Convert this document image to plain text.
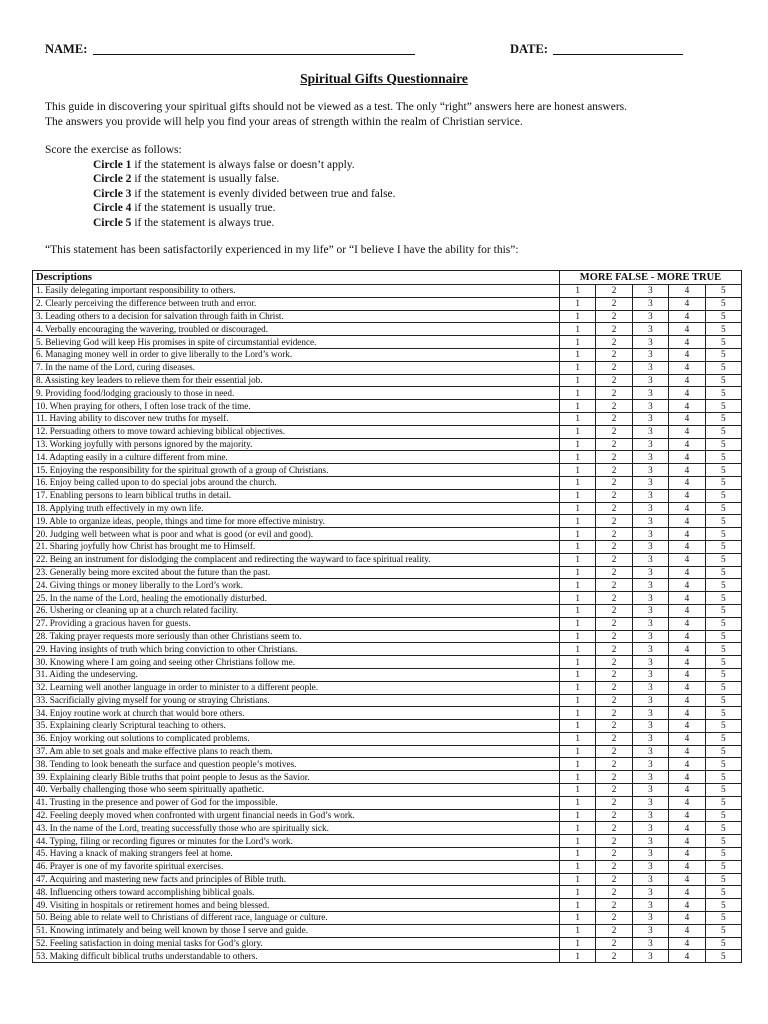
NAME:	DATE:
Spiritual Gifts Questionnaire
This guide in discovering your spiritual gifts should not be viewed as a test. The only “right” answers here are honest answers.
The answers you provide will help you find your areas of strength within the realm of Christian service.
Score the exercise as follows:
Circle 1 if the statement is always false or doesn’t apply.
Circle 2 if the statement is usually false.
Circle 3 if the statement is evenly divided between true and false.
Circle 4 if the statement is usually true.
Circle 5 if the statement is always true.
“This statement has been satisfactorily experienced in my life” or “I believe I have the ability for this”:
Descriptions	MORE FALSE - MORE TRUE				
1. Easily delegating important responsibility to others.	1	2	3	4	5
2. Clearly perceiving the difference between truth and error.	1	2	3	4	5
3. Leading others to a decision for salvation through faith in Christ.	1	2	3	4	5
4. Verbally encouraging the wavering, troubled or discouraged.	1	2	3	4	5
5. Believing God will keep His promises in spite of circumstantial evidence.	1	2	3	4	5
6. Managing money well in order to give liberally to the Lord’s work.	1	2	3	4	5
7. In the name of the Lord, curing diseases.	1	2	3	4	5
8. Assisting key leaders to relieve them for their essential job.	1	2	3	4	5
9. Providing food/lodging graciously to those in need.	1	2	3	4	5
10. When praying for others, I often lose track of the time.	1	2	3	4	5
11. Having ability to discover new truths for myself.	1	2	3	4	5
12. Persuading others to move toward achieving biblical objectives.	1	2	3	4	5
13. Working joyfully with persons ignored by the majority.	1	2	3	4	5
14. Adapting easily in a culture different from mine.	1	2	3	4	5
15. Enjoying the responsibility for the spiritual growth of a group of Christians.	1	2	3	4	5
16. Enjoy being called upon to do special jobs around the church.	1	2	3	4	5
17. Enabling persons to learn biblical truths in detail.	1	2	3	4	5
18. Applying truth effectively in my own life.	1	2	3	4	5
19. Able to organize ideas, people, things and time for more effective ministry.	1	2	3	4	5
20. Judging well between what is poor and what is good (or evil and good).	1	2	3	4	5
21. Sharing joyfully how Christ has brought me to Himself.	1	2	3	4	5
22. Being an instrument for dislodging the complacent and redirecting the wayward to face spiritual reality.	1	2	3	4	5
23. Generally being more excited about the future than the past.	1	2	3	4	5
24. Giving things or money liberally to the Lord’s work.	1	2	3	4	5
25. In the name of the Lord, healing the emotionally disturbed.	1	2	3	4	5
26. Ushering or cleaning up at a church related facility.	1	2	3	4	5
27. Providing a gracious haven for guests.	1	2	3	4	5
28. Taking prayer requests more seriously than other Christians seem to.	1	2	3	4	5
29. Having insights of truth which bring conviction to other Christians.	1	2	3	4	5
30. Knowing where I am going and seeing other Christians follow me.	1	2	3	4	5
31. Aiding the undeserving.	1	2	3	4	5
32. Learning well another language in order to minister to a different people.	1	2	3	4	5
33. Sacrificially giving myself for young or straying Christians.	1	2	3	4	5
34. Enjoy routine work at church that would bore others.	1	2	3	4	5
35. Explaining clearly Scriptural teaching to others.	1	2	3	4	5
36. Enjoy working out solutions to complicated problems.	1	2	3	4	5
37. Am able to set goals and make effective plans to reach them.	1	2	3	4	5
38. Tending to look beneath the surface and question people’s motives.	1	2	3	4	5
39. Explaining clearly Bible truths that point people to Jesus as the Savior.	1	2	3	4	5
40. Verbally challenging those who seem spiritually apathetic.	1	2	3	4	5
41. Trusting in the presence and power of God for the impossible.	1	2	3	4	5
42. Feeling deeply moved when confronted with urgent financial needs in God’s work.	1	2	3	4	5
43. In the name of the Lord, treating successfully those who are spiritually sick.	1	2	3	4	5
44. Typing, filing or recording figures or minutes for the Lord’s work.	1	2	3	4	5
45. Having a knack of making strangers feel at home.	1	2	3	4	5
46. Prayer is one of my favorite spiritual exercises.	1	2	3	4	5
47. Acquiring and mastering new facts and principles of Bible truth.	1	2	3	4	5
48. Influencing others toward accomplishing biblical goals.	1	2	3	4	5
49. Visiting in hospitals or retirement homes and being blessed.	1	2	3	4	5
50. Being able to relate well to Christians of different race, language or culture.	1	2	3	4	5
51. Knowing intimately and being well known by those I serve and guide.	1	2	3	4	5
52. Feeling satisfaction in doing menial tasks for God’s glory.	1	2	3	4	5
53. Making difficult biblical truths understandable to others.	1	2	3	4	5
